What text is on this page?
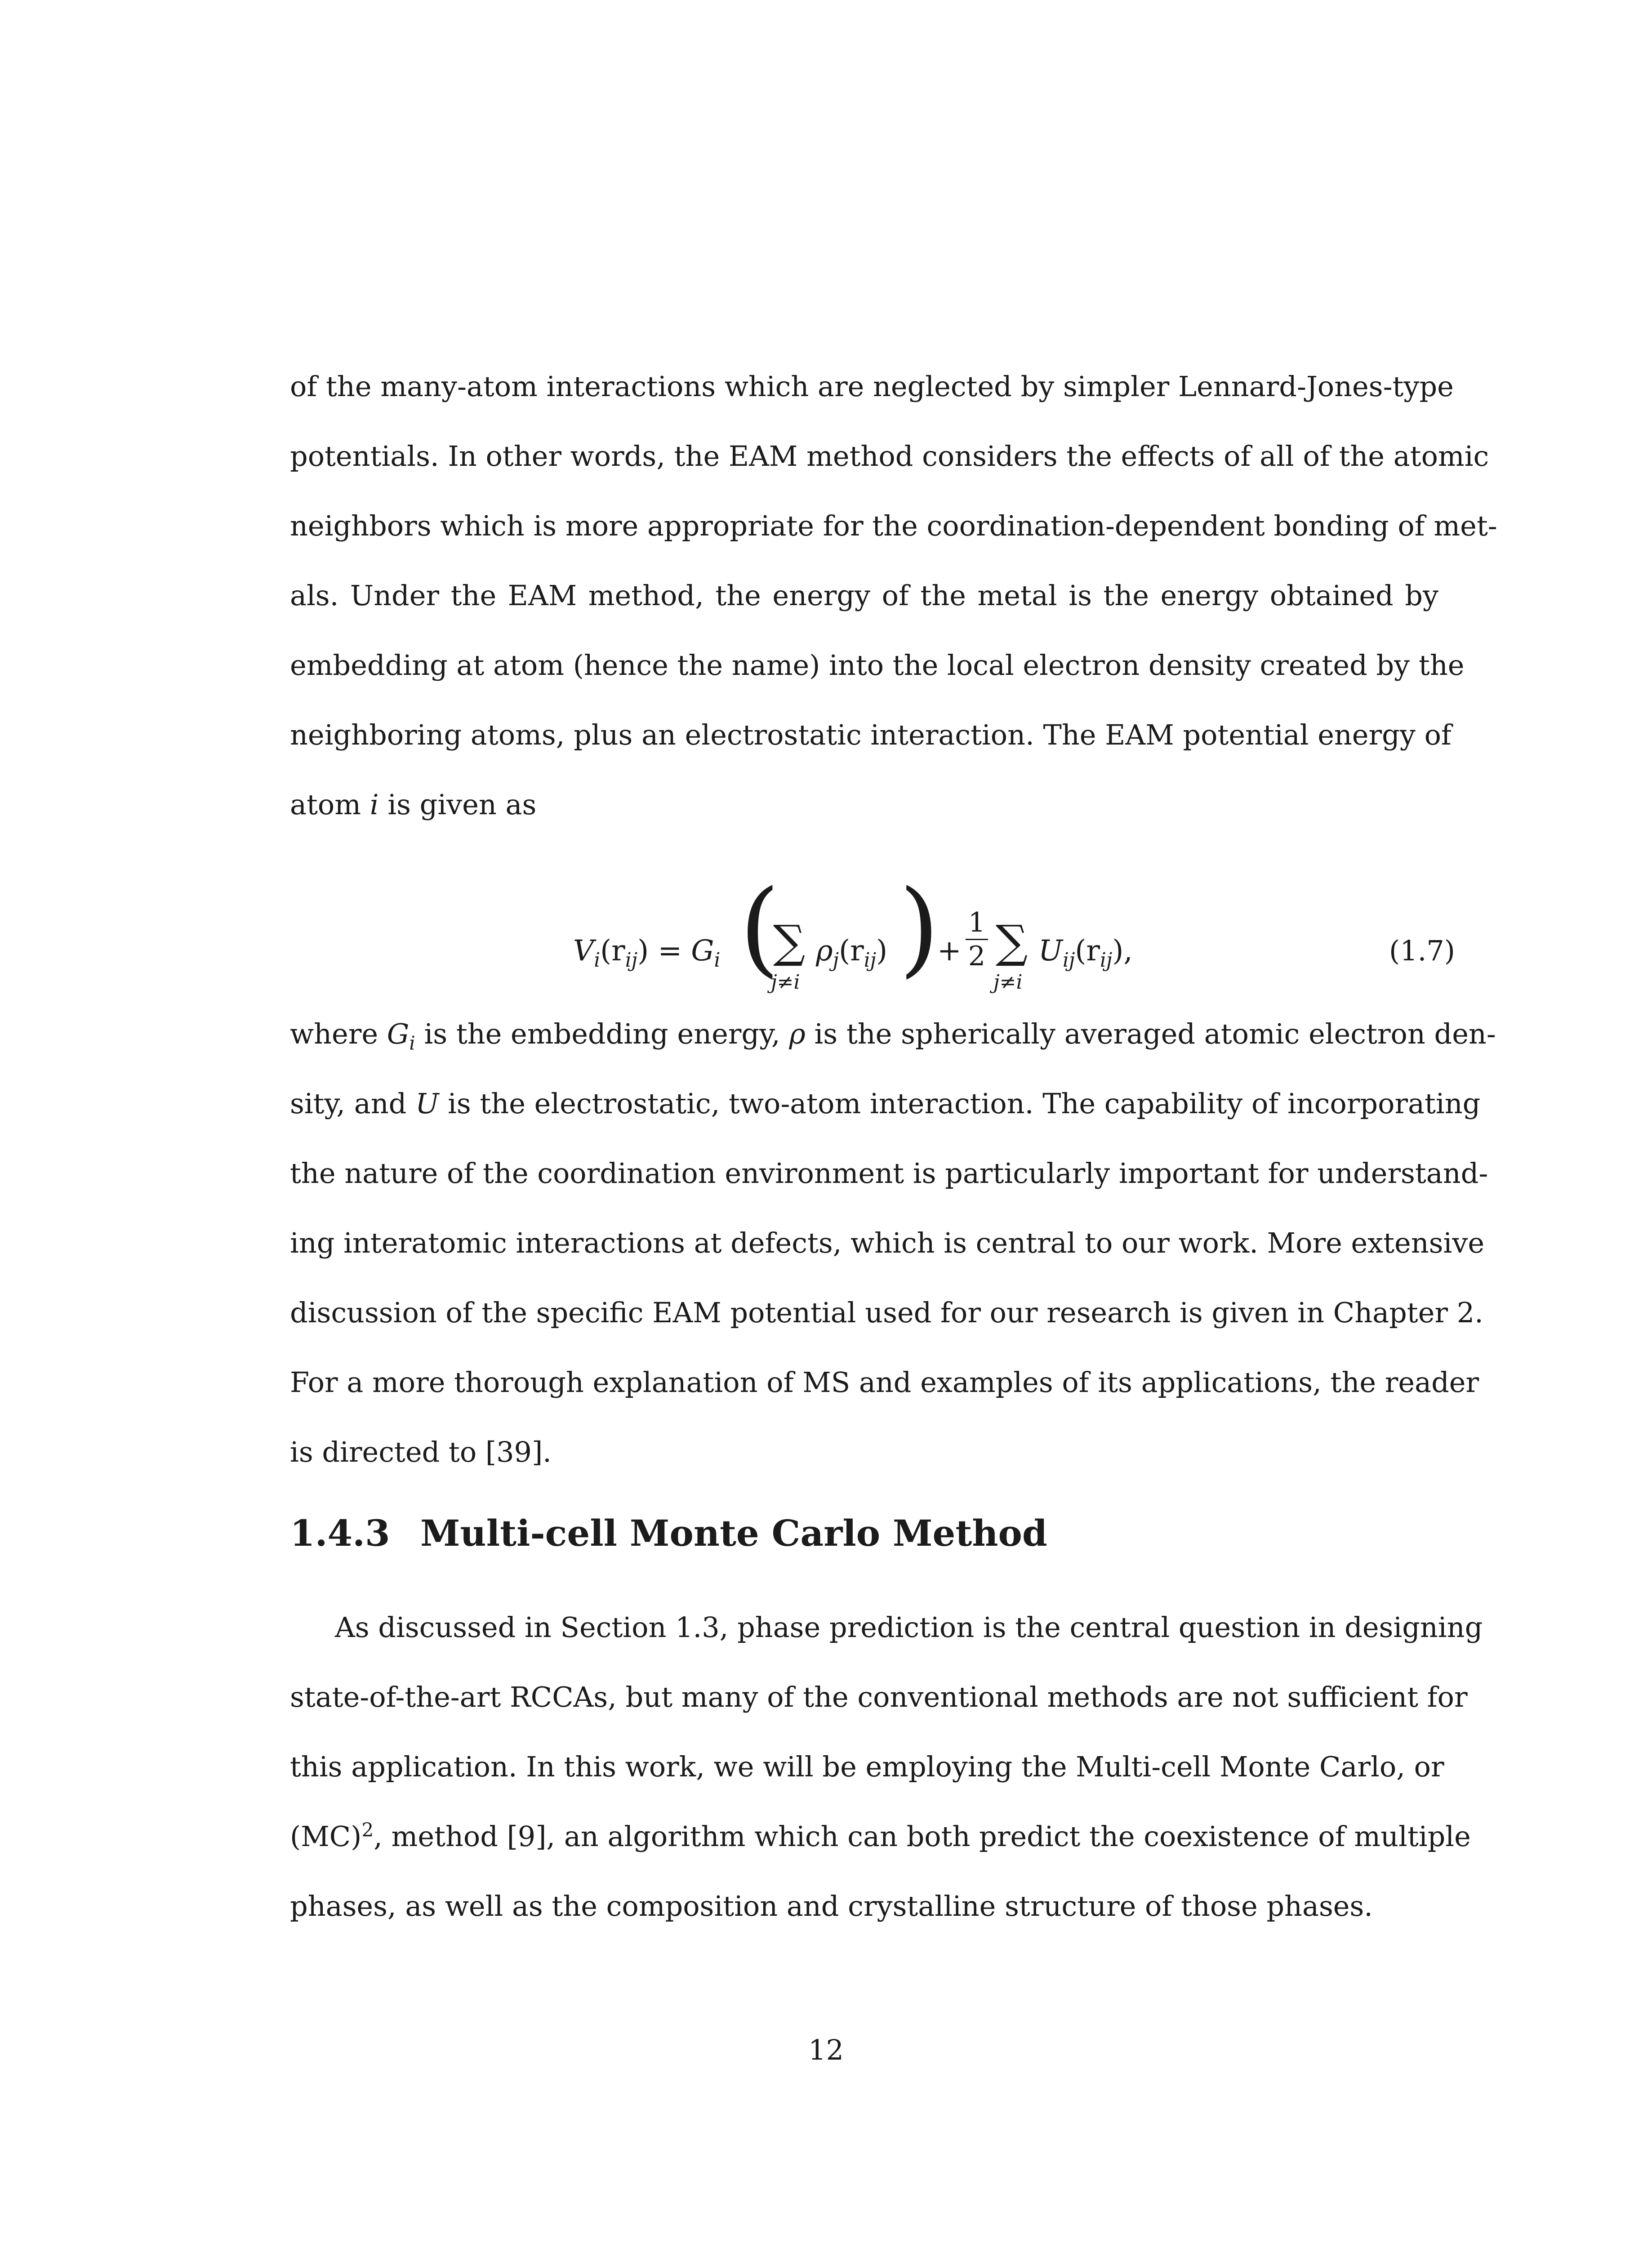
of the many-atom interactions which are neglected by simpler Lennard-Jones-type
potentials. In other words, the EAM method considers the effects of all of the atomic
neighbors which is more appropriate for the coordination-dependent bonding of met-
als. Under the EAM method, the energy of the metal is the energy obtained by
embedding at atom (hence the name) into the local electron density created by the
neighboring atoms, plus an electrostatic interaction. The EAM potential energy of
atom i is given as
$V_i(r_{ij}) = G_i$ (
∑
j≠i
$\rho_j(r_{ij})$ )
+
1
2 ∑
j≠i
$U_{ij}(r_{ij})$,	(1.7)
where $G_i$ is the embedding energy, ρ is the spherically averaged atomic electron den-
sity, and U is the electrostatic, two-atom interaction. The capability of incorporating
the nature of the coordination environment is particularly important for understand-
ing interatomic interactions at defects, which is central to our work. More extensive
discussion of the specific EAM potential used for our research is given in Chapter 2.
For a more thorough explanation of MS and examples of its applications, the reader
is directed to [39].
1.4.3 Multi-cell Monte Carlo Method
As discussed in Section 1.3, phase prediction is the central question in designing
state-of-the-art RCCAs, but many of the conventional methods are not sufficient for
this application. In this work, we will be employing the Multi-cell Monte Carlo, or
(MC)$^2$, method [9], an algorithm which can both predict the coexistence of multiple
phases, as well as the composition and crystalline structure of those phases.
12
